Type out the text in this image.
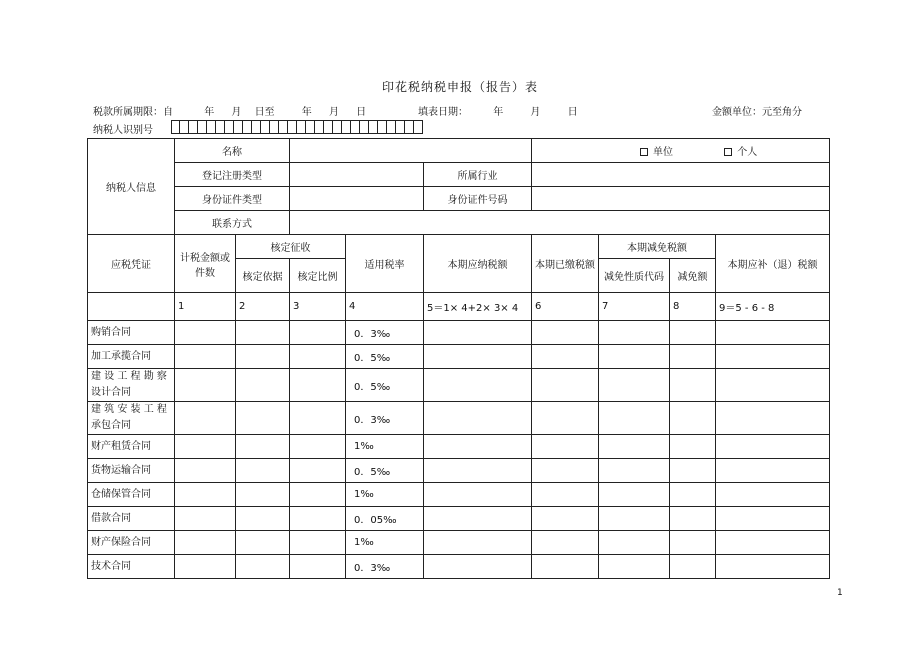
印花税纳税申报（报告）表
税款所属期限：自	年 月 日至	年 月 日	填表日期：	年	月	日	金额单位：元至角分
纳税人识别号
纳税人信息	名称					单位 个人			
	登记注册类型				所属行业				
	身份证件类型				身份证件号码				
	联系方式								
应税凭证	计税金额或件数	核定征收		适用税率	本期应纳税额	本期已缴税额	本期减免税额		本期应补（退）税额
		核定依据	核定比例				减免性质代码	减免额	
	1	2	3	4	5＝1× 4+2× 3× 4	6	7	8	9＝5 - 6 - 8
购销合同				0．3‰					
加工承揽合同				0．5‰					
建 设 工 程 勘 察设计合同				0．5‰					
建 筑 安 装 工 程承包合同				0．3‰					
财产租赁合同				1‰					
货物运输合同				0．5‰					
仓储保管合同				1‰					
借款合同				0．05‰					
财产保险合同				1‰					
技术合同				0．3‰					
1
